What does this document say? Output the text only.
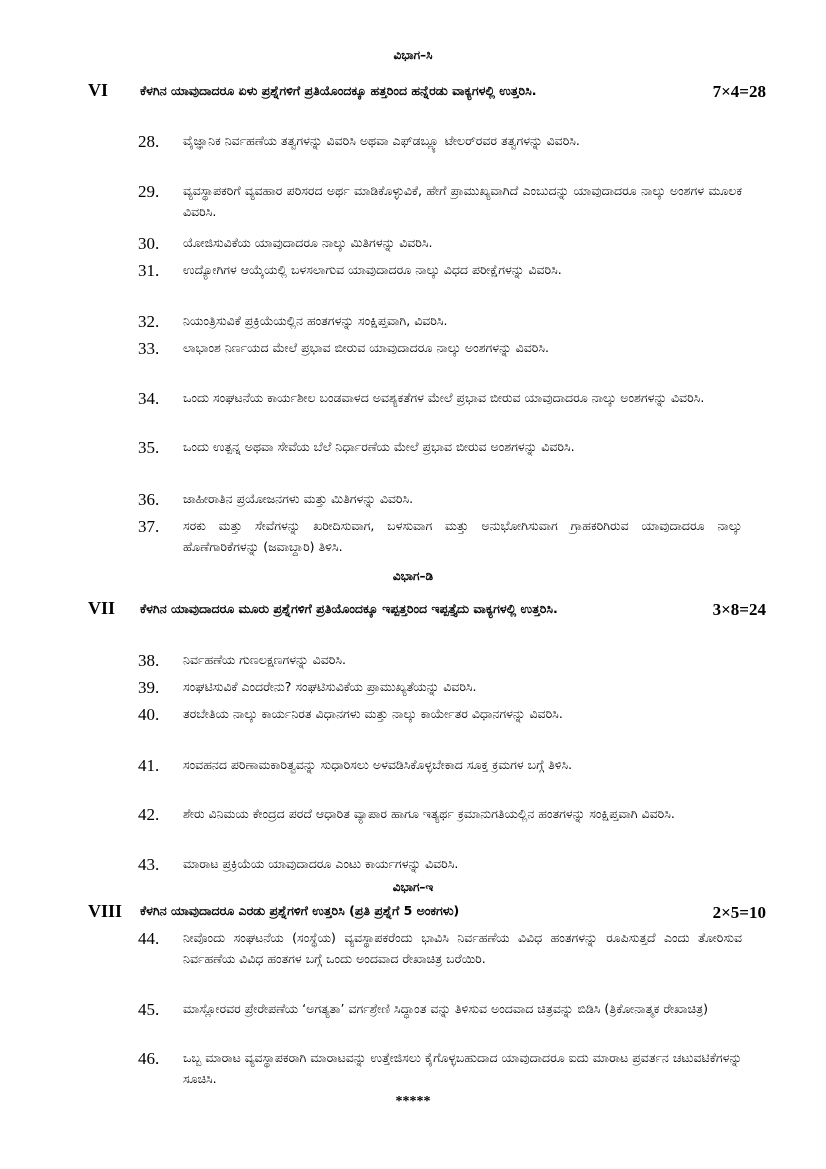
ವಿಭಾಗ–ಸಿ
VI	ಕೆಳಗಿನ ಯಾವುದಾದರೂ ಏಳು ಪ್ರಶ್ನೆಗಳಿಗೆ ಪ್ರತಿಯೊಂದಕ್ಕೂ ಹತ್ತರಿಂದ ಹನ್ನೆರಡು ವಾಕ್ಯಗಳಲ್ಲಿ ಉತ್ತರಿಸಿ.	7×4=28
28. ವೈಜ್ಞಾನಿಕ ನಿರ್ವಹಣೆಯ ತತ್ವಗಳನ್ನು ವಿವರಿಸಿ ಅಥವಾ ಎಫ್‌ಡಬ್ಲ್ಯೂ ಟೇಲರ್‌ರವರ ತತ್ವಗಳನ್ನು ವಿವರಿಸಿ.
29. ವ್ಯವಸ್ಥಾಪಕರಿಗೆ ವ್ಯವಹಾರ ಪರಿಸರದ ಅರ್ಥ ಮಾಡಿಕೊಳ್ಳುವಿಕೆ, ಹೇಗೆ ಪ್ರಾಮುಖ್ಯವಾಗಿದೆ ಎಂಬುದನ್ನು ಯಾವುದಾದರೂ ನಾಲ್ಕು ಅಂಶಗಳ ಮೂಲಕ ವಿವರಿಸಿ.
30. ಯೋಜಿಸುವಿಕೆಯ ಯಾವುದಾದರೂ ನಾಲ್ಕು ಮಿತಿಗಳನ್ನು ವಿವರಿಸಿ.
31. ಉದ್ಯೋಗಿಗಳ ಆಯ್ಕೆಯಲ್ಲಿ ಬಳಸಲಾಗುವ ಯಾವುದಾದರೂ ನಾಲ್ಕು ವಿಧದ ಪರೀಕ್ಷೆಗಳನ್ನು ವಿವರಿಸಿ.
32. ನಿಯಂತ್ರಿಸುವಿಕೆ ಪ್ರಕ್ರಿಯೆಯಲ್ಲಿನ ಹಂತಗಳನ್ನು ಸಂಕ್ಷಿಪ್ತವಾಗಿ, ವಿವರಿಸಿ.
33. ಲಾಭಾಂಶ ನಿರ್ಣಯದ ಮೇಲೆ ಪ್ರಭಾವ ಬೀರುವ ಯಾವುದಾದರೂ ನಾಲ್ಕು ಅಂಶಗಳನ್ನು ವಿವರಿಸಿ.
34. ಒಂದು ಸಂಘಟನೆಯ ಕಾರ್ಯಶೀಲ ಬಂಡವಾಳದ ಅವಶ್ಯಕತೆಗಳ ಮೇಲೆ ಪ್ರಭಾವ ಬೀರುವ ಯಾವುದಾದರೂ ನಾಲ್ಕು ಅಂಶಗಳನ್ನು ವಿವರಿಸಿ.
35. ಒಂದು ಉತ್ಪನ್ನ ಅಥವಾ ಸೇವೆಯ ಬೆಲೆ ನಿರ್ಧಾರಣೆಯ ಮೇಲೆ ಪ್ರಭಾವ ಬೀರುವ ಅಂಶಗಳನ್ನು ವಿವರಿಸಿ.
36. ಜಾಹೀರಾತಿನ ಪ್ರಯೋಜನಗಳು ಮತ್ತು ಮಿತಿಗಳನ್ನು ವಿವರಿಸಿ.
37. ಸರಕು ಮತ್ತು ಸೇವೆಗಳನ್ನು ಖರೀದಿಸುವಾಗ, ಬಳಸುವಾಗ ಮತ್ತು ಅನುಭೋಗಿಸುವಾಗ ಗ್ರಾಹಕರಿಗಿರುವ ಯಾವುದಾದರೂ ನಾಲ್ಕು ಹೊಣೆಗಾರಿಕೆಗಳನ್ನು (ಜವಾಬ್ದಾರಿ) ತಿಳಿಸಿ.
ವಿಭಾಗ–ಡಿ
VII ಕೆಳಗಿನ ಯಾವುದಾದರೂ ಮೂರು ಪ್ರಶ್ನೆಗಳಿಗೆ ಪ್ರತಿಯೊಂದಕ್ಕೂ ಇಪ್ಪತ್ತರಿಂದ ಇಪ್ಪತ್ತೈದು ವಾಕ್ಯಗಳಲ್ಲಿ ಉತ್ತರಿಸಿ.	3×8=24
38. ನಿರ್ವಹಣೆಯ ಗುಣಲಕ್ಷಣಗಳನ್ನು ವಿವರಿಸಿ.
39. ಸಂಘಟಿಸುವಿಕೆ ಎಂದರೇನು? ಸಂಘಟಿಸುವಿಕೆಯ ಪ್ರಾಮುಖ್ಯತೆಯನ್ನು ವಿವರಿಸಿ.
40. ತರಬೇತಿಯ ನಾಲ್ಕು ಕಾರ್ಯನಿರತ ವಿಧಾನಗಳು ಮತ್ತು ನಾಲ್ಕು ಕಾರ್ಯೇತರ ವಿಧಾನಗಳನ್ನು ವಿವರಿಸಿ.
41. ಸಂವಹನದ ಪರಿಣಾಮಕಾರಿತ್ವವನ್ನು ಸುಧಾರಿಸಲು ಅಳವಡಿಸಿಕೊಳ್ಳಬೇಕಾದ ಸೂಕ್ತ ಕ್ರಮಗಳ ಬಗ್ಗೆ ತಿಳಿಸಿ.
42. ಶೇರು ವಿನಿಮಯ ಕೇಂದ್ರದ ಪರದೆ ಆಧಾರಿತ ವ್ಯಾಪಾರ ಹಾಗೂ ಇತ್ಯರ್ಥ ಕ್ರಮಾನುಗತಿಯಲ್ಲಿನ ಹಂತಗಳನ್ನು ಸಂಕ್ಷಿಪ್ತವಾಗಿ ವಿವರಿಸಿ.
43. ಮಾರಾಟ ಪ್ರಕ್ರಿಯೆಯ ಯಾವುದಾದರೂ ಎಂಟು ಕಾರ್ಯಗಳನ್ನು ವಿವರಿಸಿ.
ವಿಭಾಗ–ಇ
VIII ಕೆಳಗಿನ ಯಾವುದಾದರೂ ಎರಡು ಪ್ರಶ್ನೆಗಳಿಗೆ ಉತ್ತರಿಸಿ (ಪ್ರತಿ ಪ್ರಶ್ನೆಗೆ 5 ಅಂಕಗಳು)	2×5=10
44. ನೀವೊಂದು ಸಂಘಟನೆಯ (ಸಂಸ್ಥೆಯ) ವ್ಯವಸ್ಥಾಪಕರೆಂದು ಭಾವಿಸಿ ನಿರ್ವಹಣೆಯ ವಿವಿಧ ಹಂತಗಳನ್ನು ರೂಪಿಸುತ್ತದೆ ಎಂದು ತೋರಿಸುವ ನಿರ್ವಹಣೆಯ ವಿವಿಧ ಹಂತಗಳ ಬಗ್ಗೆ ಒಂದು ಅಂದವಾದ ರೇಖಾಚಿತ್ರ ಬರೆಯಿರಿ.
45. ಮಾಸ್ಲೋರವರ ಪ್ರೇರೇಪಣೆಯ ‘ಅಗತ್ಯತಾ’ ವರ್ಗಶ್ರೇಣಿ ಸಿದ್ಧಾಂತ ವನ್ನು ತಿಳಿಸುವ ಅಂದವಾದ ಚಿತ್ರವನ್ನು ಬಿಡಿಸಿ (ತ್ರಿಕೋನಾತ್ಮಕ ರೇಖಾಚಿತ್ರ)
46. ಒಬ್ಬ ಮಾರಾಟ ವ್ಯವಸ್ಥಾಪಕರಾಗಿ ಮಾರಾಟವನ್ನು ಉತ್ತೇಜಿಸಲು ಕೈಗೊಳ್ಳಬಹುದಾದ ಯಾವುದಾದರೂ ಐದು ಮಾರಾಟ ಪ್ರವರ್ತನ ಚಟುವಟಿಕೆಗಳನ್ನು ಸೂಚಿಸಿ.
*****
